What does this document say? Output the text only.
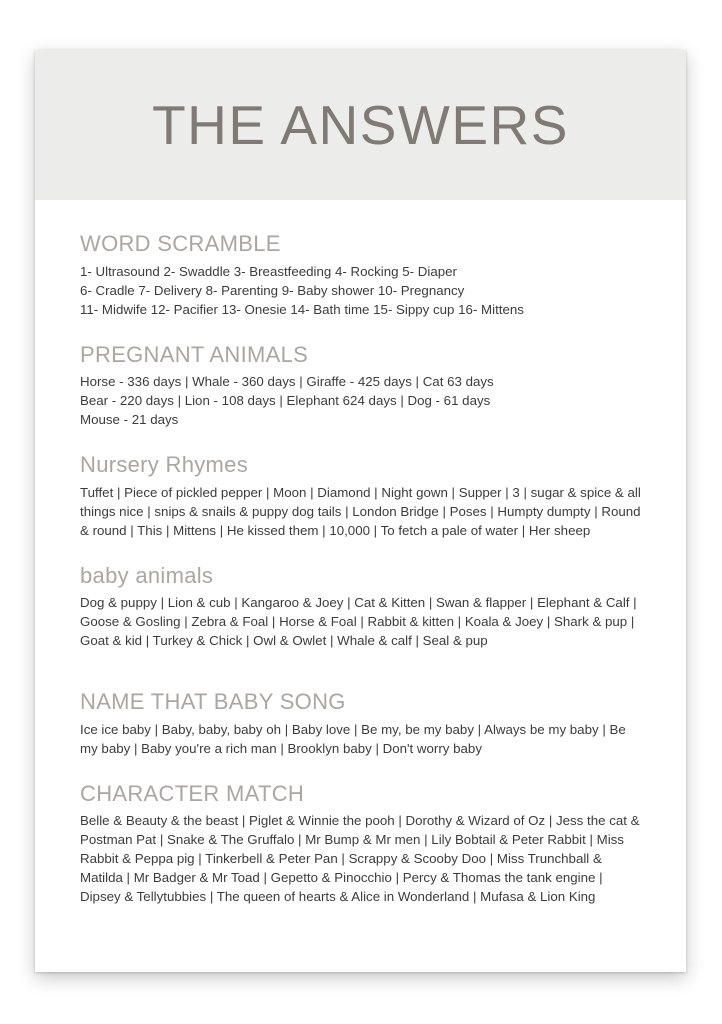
THE ANSWERS
WORD SCRAMBLE

1- Ultrasound 2- Swaddle 3- Breastfeeding 4- Rocking 5- Diaper
6- Cradle 7- Delivery 8- Parenting 9- Baby shower 10- Pregnancy
11- Midwife 12- Pacifier 13- Onesie 14- Bath time 15- Sippy cup 16- Mittens

PREGNANT ANIMALS

Horse - 336 days | Whale - 360 days | Giraffe - 425 days | Cat 63 days
Bear - 220 days | Lion - 108 days | Elephant 624 days | Dog - 61 days
Mouse - 21 days

Nursery Rhymes

Tuffet | Piece of pickled pepper | Moon | Diamond | Night gown | Supper | 3 | sugar & spice & all things nice | snips & snails & puppy dog tails | London Bridge | Poses | Humpty dumpty | Round & round | This | Mittens | He kissed them | 10,000 | To fetch a pale of water | Her sheep

baby animals

Dog & puppy | Lion & cub | Kangaroo & Joey | Cat & Kitten | Swan & flapper | Elephant & Calf | Goose & Gosling | Zebra & Foal | Horse & Foal | Rabbit & kitten | Koala & Joey | Shark & pup | Goat & kid | Turkey & Chick | Owl & Owlet | Whale & calf | Seal & pup

NAME THAT BABY SONG

Ice ice baby | Baby, baby, baby oh | Baby love | Be my, be my baby | Always be my baby | Be my baby | Baby you're a rich man | Brooklyn baby | Don't worry baby

CHARACTER MATCH

Belle & Beauty & the beast | Piglet & Winnie the pooh | Dorothy & Wizard of Oz | Jess the cat & Postman Pat | Snake & The Gruffalo | Mr Bump & Mr men | Lily Bobtail & Peter Rabbit | Miss Rabbit & Peppa pig | Tinkerbell & Peter Pan | Scrappy & Scooby Doo | Miss Trunchball & Matilda | Mr Badger & Mr Toad | Gepetto & Pinocchio | Percy & Thomas the tank engine | Dipsey & Tellytubbies | The queen of hearts & Alice in Wonderland | Mufasa & Lion King
